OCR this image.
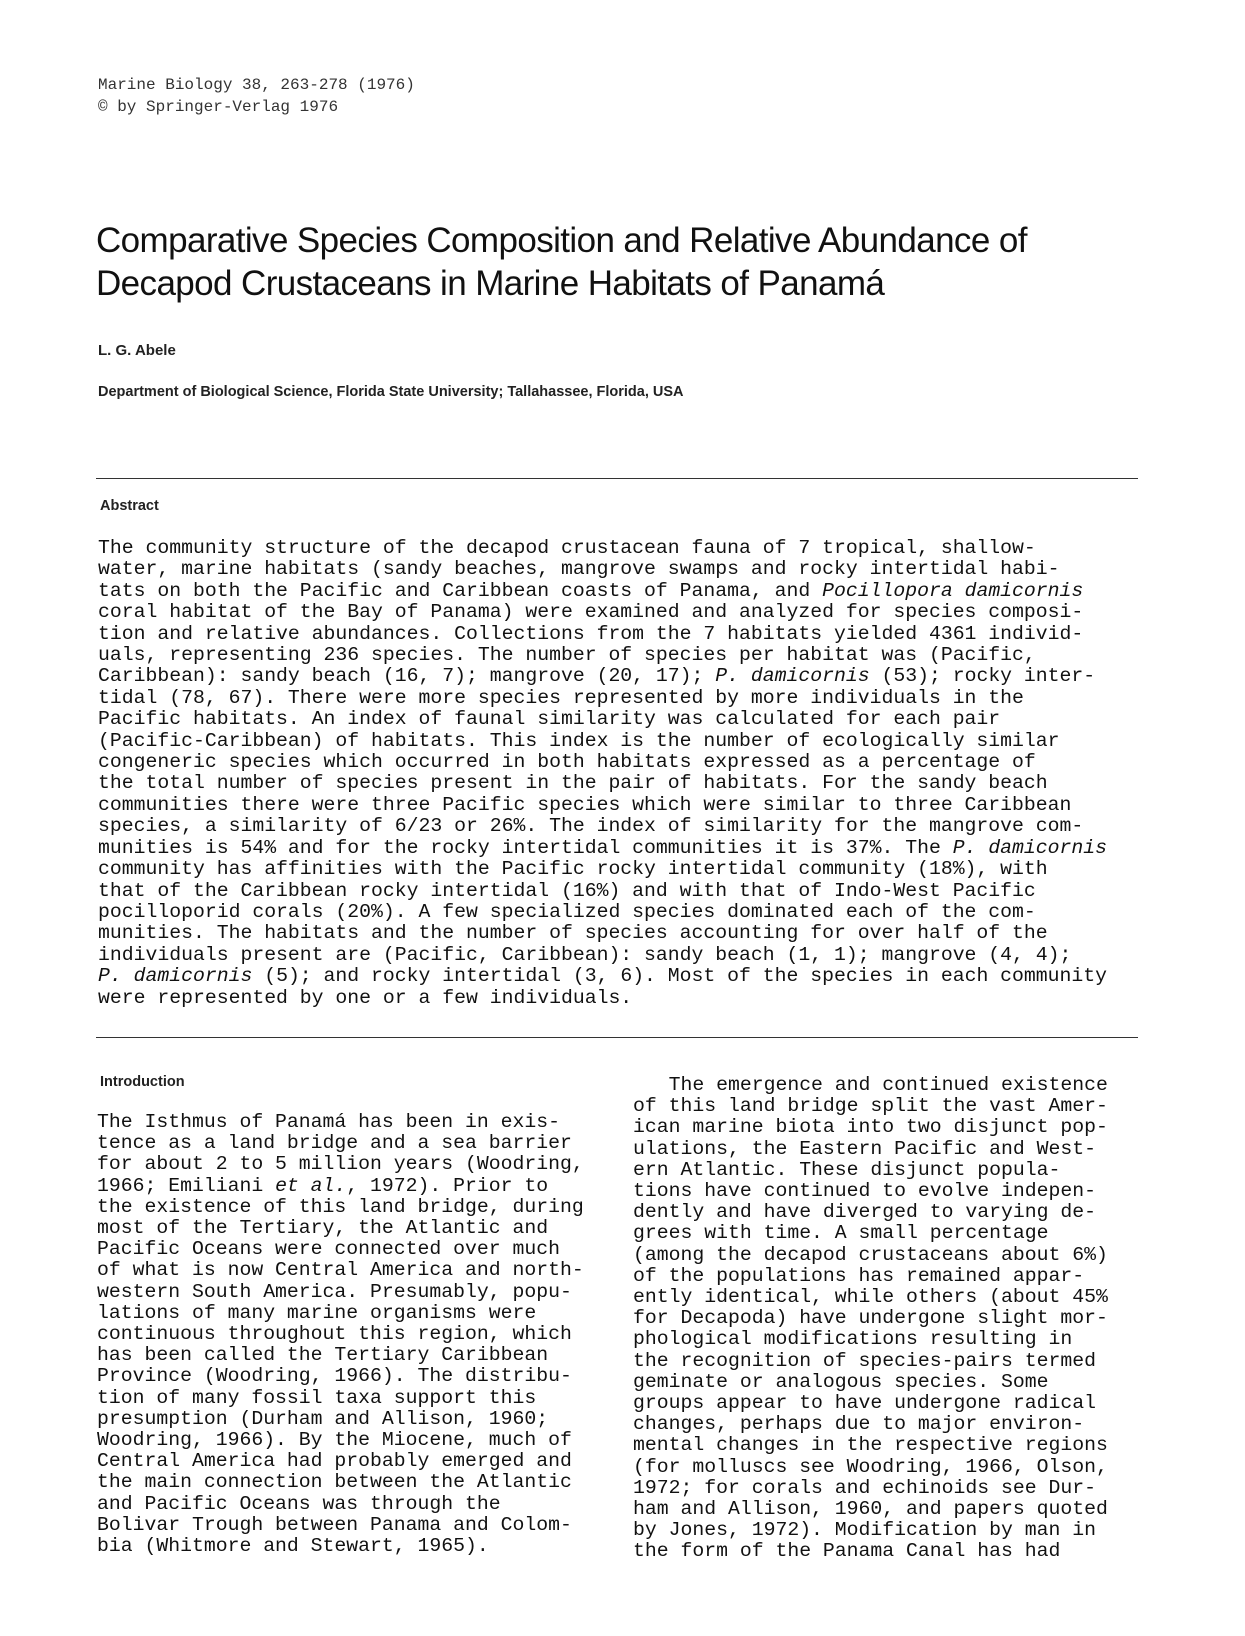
Marine Biology 38, 263-278 (1976)
© by Springer-Verlag 1976
Comparative Species Composition and Relative Abundance of
Decapod Crustaceans in Marine Habitats of Panamá
L. G. Abele
Department of Biological Science, Florida State University; Tallahassee, Florida, USA
Abstract
The community structure of the decapod crustacean fauna of 7 tropical, shallow-
water, marine habitats (sandy beaches, mangrove swamps and rocky intertidal habi-
tats on both the Pacific and Caribbean coasts of Panama, and Pocillopora damicornis
coral habitat of the Bay of Panama) were examined and analyzed for species composi-
tion and relative abundances. Collections from the 7 habitats yielded 4361 individ-
uals, representing 236 species. The number of species per habitat was (Pacific,
Caribbean): sandy beach (16, 7); mangrove (20, 17); P. damicornis (53); rocky inter-
tidal (78, 67). There were more species represented by more individuals in the
Pacific habitats. An index of faunal similarity was calculated for each pair
(Pacific-Caribbean) of habitats. This index is the number of ecologically similar
congeneric species which occurred in both habitats expressed as a percentage of
the total number of species present in the pair of habitats. For the sandy beach
communities there were three Pacific species which were similar to three Caribbean
species, a similarity of 6/23 or 26%. The index of similarity for the mangrove com-
munities is 54% and for the rocky intertidal communities it is 37%. The P. damicornis
community has affinities with the Pacific rocky intertidal community (18%), with
that of the Caribbean rocky intertidal (16%) and with that of Indo-West Pacific
pocilloporid corals (20%). A few specialized species dominated each of the com-
munities. The habitats and the number of species accounting for over half of the
individuals present are (Pacific, Caribbean): sandy beach (1, 1); mangrove (4, 4);
P. damicornis (5); and rocky intertidal (3, 6). Most of the species in each community
were represented by one or a few individuals.
Introduction
The Isthmus of Panamá has been in exis-
tence as a land bridge and a sea barrier
for about 2 to 5 million years (Woodring,
1966; Emiliani et al., 1972). Prior to
the existence of this land bridge, during
most of the Tertiary, the Atlantic and
Pacific Oceans were connected over much
of what is now Central America and north-
western South America. Presumably, popu-
lations of many marine organisms were
continuous throughout this region, which
has been called the Tertiary Caribbean
Province (Woodring, 1966). The distribu-
tion of many fossil taxa support this
presumption (Durham and Allison, 1960;
Woodring, 1966). By the Miocene, much of
Central America had probably emerged and
the main connection between the Atlantic
and Pacific Oceans was through the
Bolivar Trough between Panama and Colom-
bia (Whitmore and Stewart, 1965).
The emergence and continued existence
of this land bridge split the vast Amer-
ican marine biota into two disjunct pop-
ulations, the Eastern Pacific and West-
ern Atlantic. These disjunct popula-
tions have continued to evolve indepen-
dently and have diverged to varying de-
grees with time. A small percentage
(among the decapod crustaceans about 6%)
of the populations has remained appar-
ently identical, while others (about 45%
for Decapoda) have undergone slight mor-
phological modifications resulting in
the recognition of species-pairs termed
geminate or analogous species. Some
groups appear to have undergone radical
changes, perhaps due to major environ-
mental changes in the respective regions
(for molluscs see Woodring, 1966, Olson,
1972; for corals and echinoids see Dur-
ham and Allison, 1960, and papers quoted
by Jones, 1972). Modification by man in
the form of the Panama Canal has had
